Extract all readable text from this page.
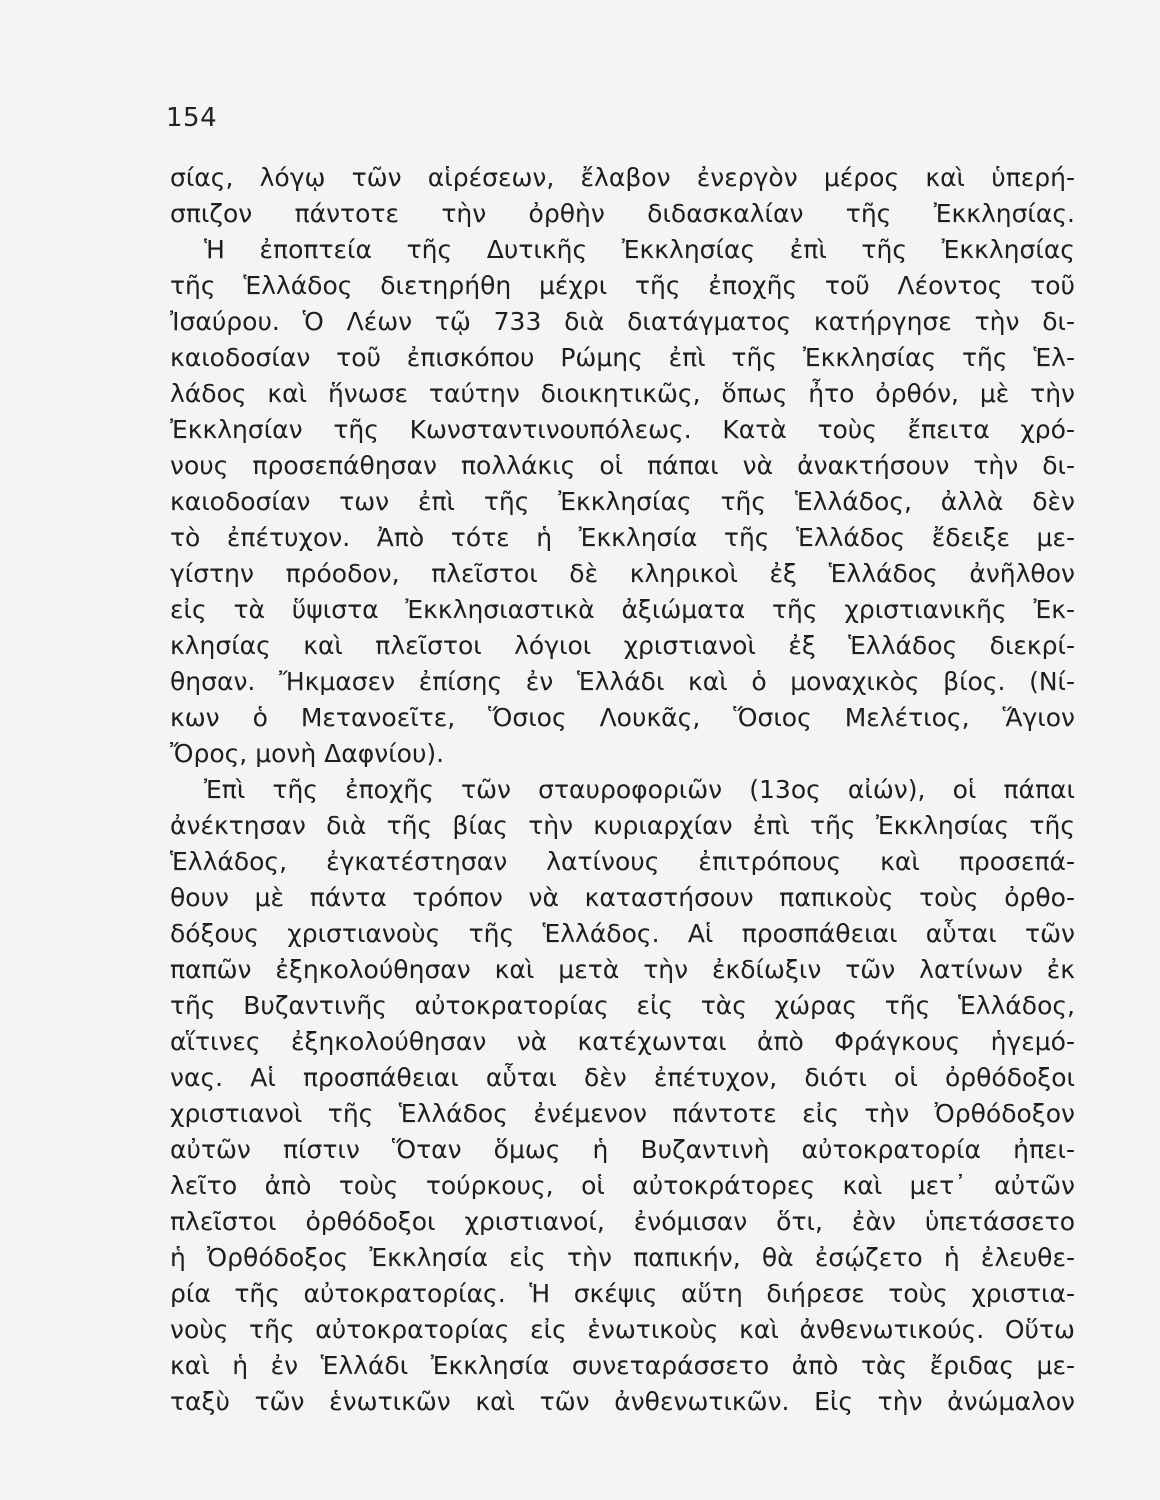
154
σίας, λόγῳ τῶν αἱρέσεων, ἔλαβον ἐνεργὸν μέρος καὶ ὑπερή-
σπιζον πάντοτε τὴν ὀρθὴν διδασκαλίαν τῆς Ἐκκλησίας.
Ἡ ἐποπτεία τῆς Δυτικῆς Ἐκκλησίας ἐπὶ τῆς Ἐκκλησίας
τῆς Ἑλλάδος διετηρήθη μέχρι τῆς ἐποχῆς τοῦ Λέοντος τοῦ
Ἰσαύρου. Ὁ Λέων τῷ 733 διὰ διατάγματος κατήργησε τὴν δι-
καιοδοσίαν τοῦ ἐπισκόπου Ρώμης ἐπὶ τῆς Ἐκκλησίας τῆς Ἑλ-
λάδος καὶ ἥνωσε ταύτην διοικητικῶς, ὅπως ἦτο ὀρθόν, μὲ τὴν
Ἐκκλησίαν τῆς Κωνσταντινουπόλεως. Κατὰ τοὺς ἔπειτα χρό-
νους προσεπάθησαν πολλάκις οἱ πάπαι νὰ ἀνακτήσουν τὴν δι-
καιοδοσίαν των ἐπὶ τῆς Ἐκκλησίας τῆς Ἑλλάδος, ἀλλὰ δὲν
τὸ ἐπέτυχον. Ἀπὸ τότε ἡ Ἐκκλησία τῆς Ἑλλάδος ἔδειξε με-
γίστην πρόοδον, πλεῖστοι δὲ κληρικοὶ ἐξ Ἑλλάδος ἀνῆλθον
εἰς τὰ ὕψιστα Ἐκκλησιαστικὰ ἀξιώματα τῆς χριστιανικῆς Ἐκ-
κλησίας καὶ πλεῖστοι λόγιοι χριστιανοὶ ἐξ Ἑλλάδος διεκρί-
θησαν. Ἤκμασεν ἐπίσης ἐν Ἑλλάδι καὶ ὁ μοναχικὸς βίος. (Νί-
κων ὁ Μετανοεῖτε, Ὅσιος Λουκᾶς, Ὅσιος Μελέτιος, Ἅγιον
Ὄρος, μονὴ Δαφνίου).
Ἐπὶ τῆς ἐποχῆς τῶν σταυροφοριῶν (13ος αἰών), οἱ πάπαι
ἀνέκτησαν διὰ τῆς βίας τὴν κυριαρχίαν ἐπὶ τῆς Ἐκκλησίας τῆς
Ἑλλάδος, ἐγκατέστησαν λατίνους ἐπιτρόπους καὶ προσεπά-
θουν μὲ πάντα τρόπον νὰ καταστήσουν παπικοὺς τοὺς ὀρθο-
δόξους χριστιανοὺς τῆς Ἑλλάδος. Αἱ προσπάθειαι αὗται τῶν
παπῶν ἐξηκολούθησαν καὶ μετὰ τὴν ἐκδίωξιν τῶν λατίνων ἐκ
τῆς Βυζαντινῆς αὐτοκρατορίας εἰς τὰς χώρας τῆς Ἑλλάδος,
αἵτινες ἐξηκολούθησαν νὰ κατέχωνται ἀπὸ Φράγκους ἡγεμό-
νας. Αἱ προσπάθειαι αὗται δὲν ἐπέτυχον, διότι οἱ ὀρθόδοξοι
χριστιανοὶ τῆς Ἑλλάδος ἐνέμενον πάντοτε εἰς τὴν Ὀρθόδοξον
αὐτῶν πίστιν Ὅταν ὅμως ἡ Βυζαντινὴ αὐτοκρατορία ἠπει-
λεῖτο ἀπὸ τοὺς τούρκους, οἱ αὐτοκράτορες καὶ μετ᾽ αὐτῶν
πλεῖστοι ὀρθόδοξοι χριστιανοί, ἐνόμισαν ὅτι, ἐὰν ὑπετάσσετο
ἡ Ὀρθόδοξος Ἐκκλησία εἰς τὴν παπικήν, θὰ ἐσῴζετο ἡ ἐλευθε-
ρία τῆς αὐτοκρατορίας. Ἡ σκέψις αὕτη διήρεσε τοὺς χριστια-
νοὺς τῆς αὐτοκρατορίας εἰς ἑνωτικοὺς καὶ ἀνθενωτικούς. Οὕτω
καὶ ἡ ἐν Ἑλλάδι Ἐκκλησία συνεταράσσετο ἀπὸ τὰς ἔριδας με-
ταξὺ τῶν ἑνωτικῶν καὶ τῶν ἀνθενωτικῶν. Εἰς τὴν ἀνώμαλον
